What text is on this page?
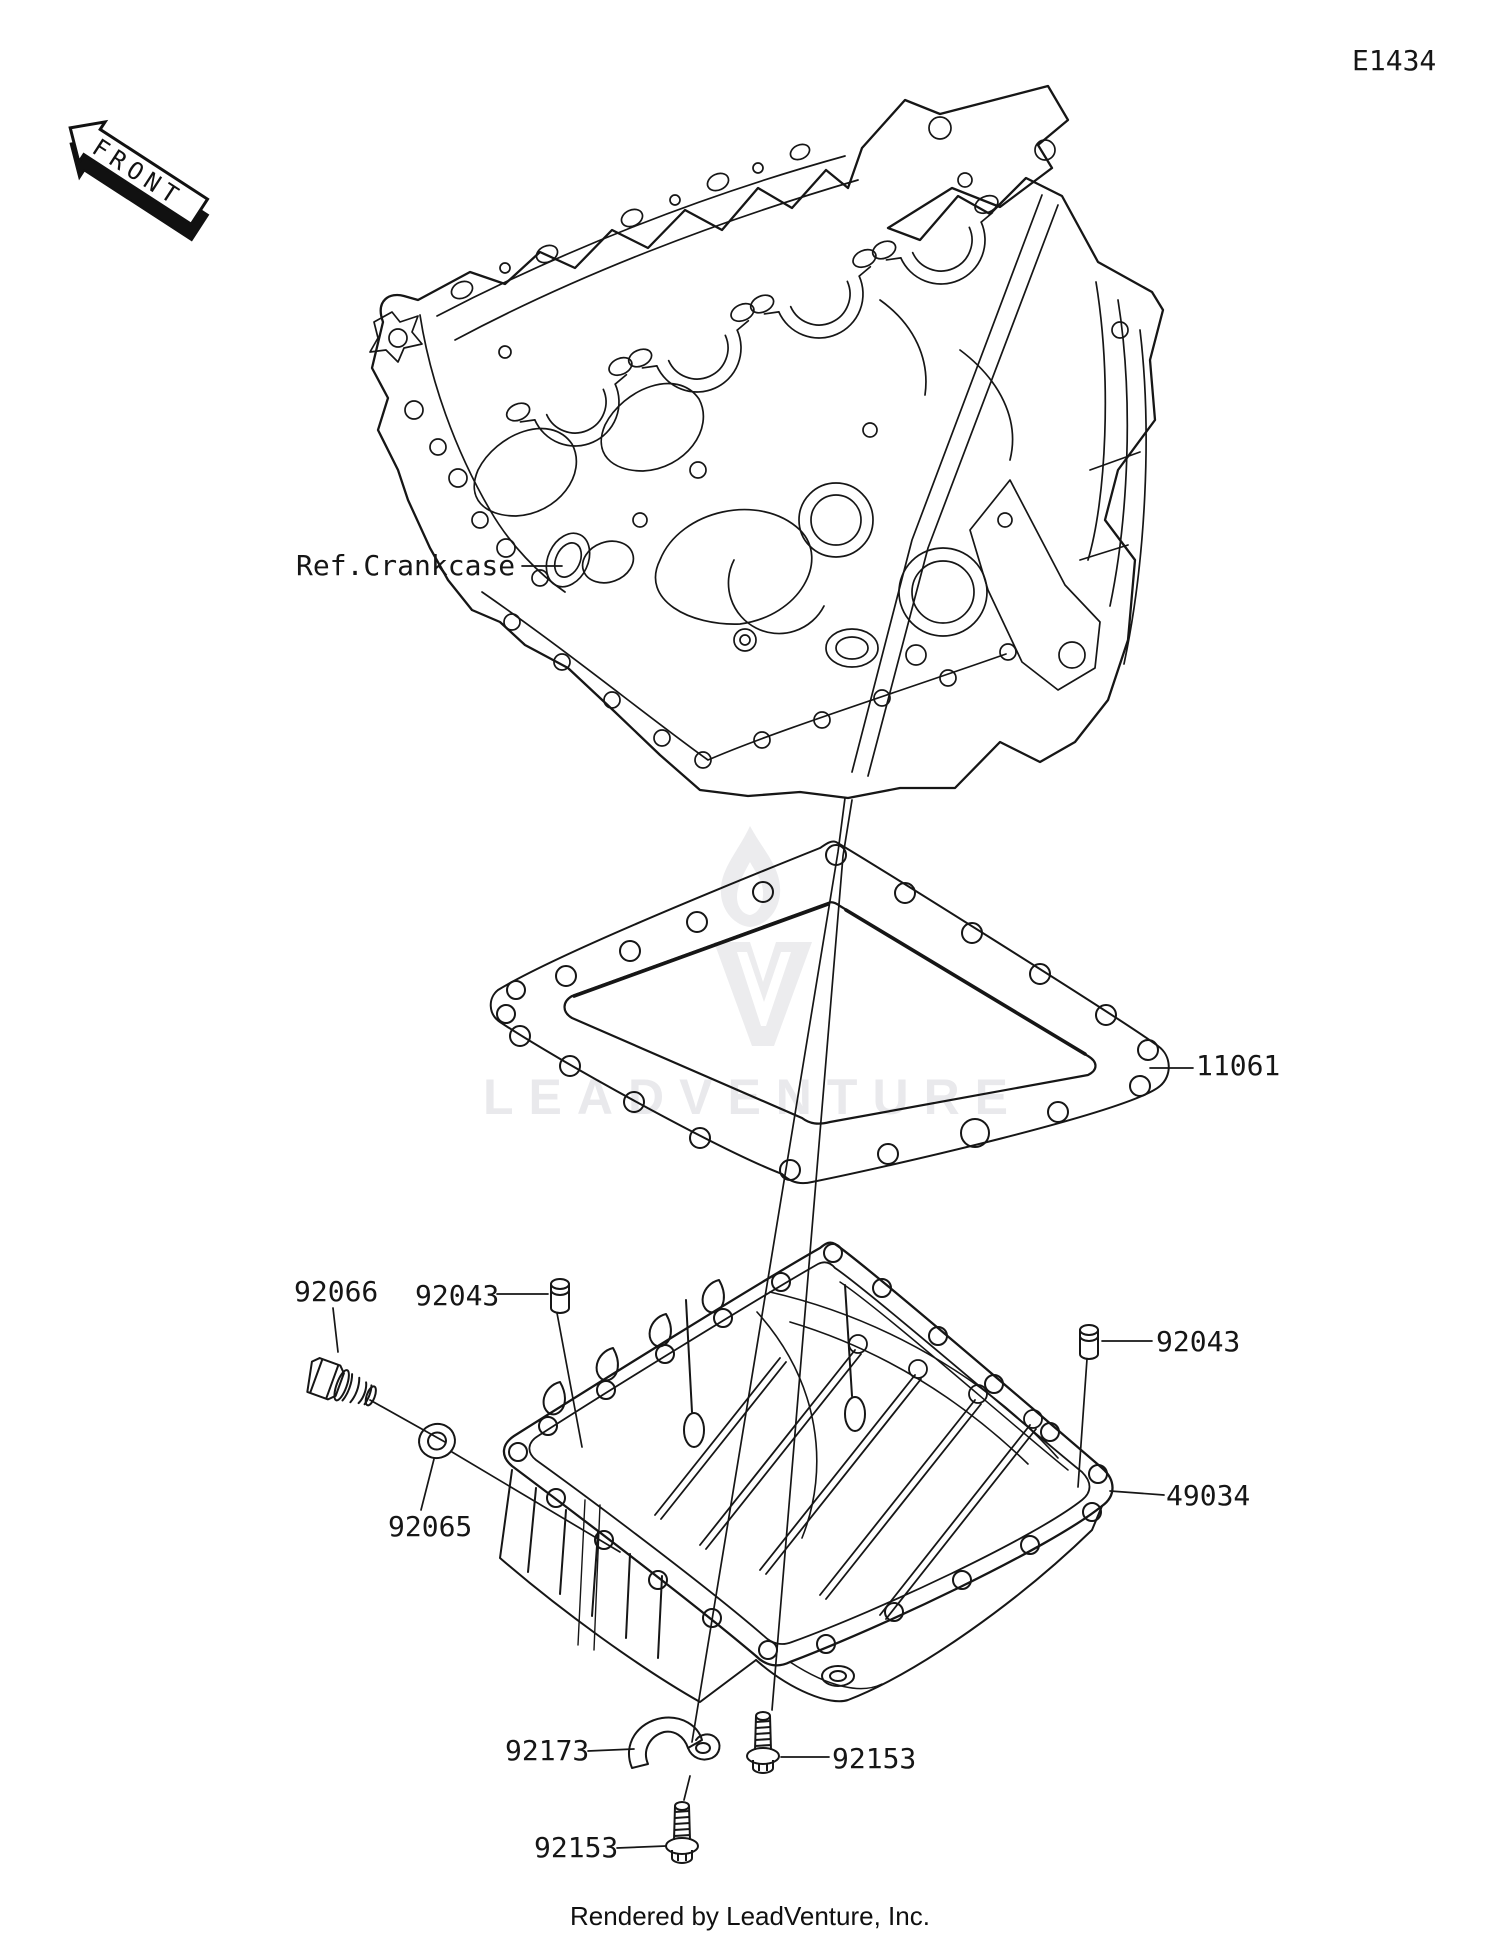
LEADVENTURE
FRONT
E1434
Ref.Crankcase
11061
92066 92043
92043
49034
92065
92173	92153
92153
Rendered by LeadVenture, Inc.
